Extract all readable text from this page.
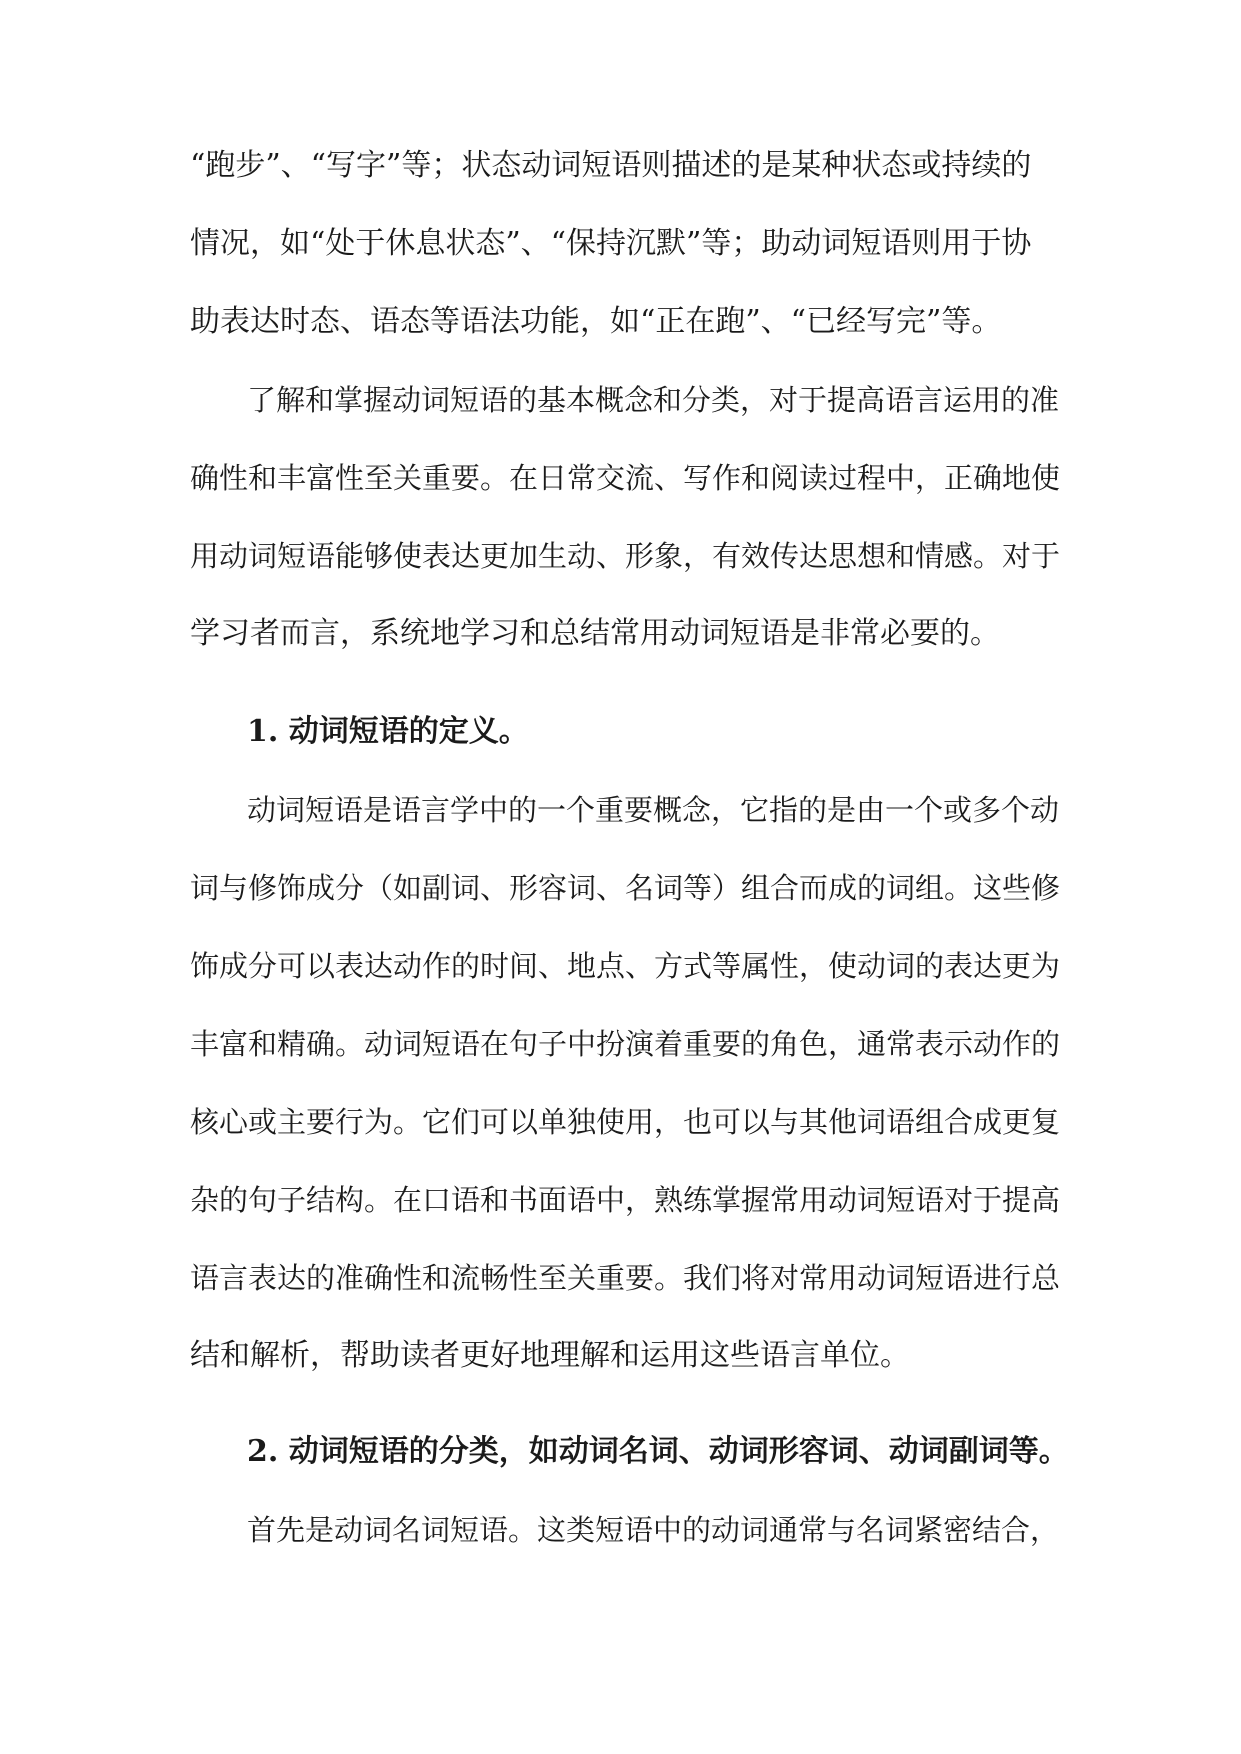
“跑步”、“写字”等；状态动词短语则描述的是某种状态或持续的
情况，如“处于休息状态”、“保持沉默”等；助动词短语则用于协
助表达时态、语态等语法功能，如“正在跑”、“已经写完”等。
了解和掌握动词短语的基本概念和分类，对于提高语言运用的准
确性和丰富性至关重要。在日常交流、写作和阅读过程中，正确地使
用动词短语能够使表达更加生动、形象，有效传达思想和情感。对于
学习者而言，系统地学习和总结常用动词短语是非常必要的。
1. 动词短语的定义。
动词短语是语言学中的一个重要概念，它指的是由一个或多个动
词与修饰成分（如副词、形容词、名词等）组合而成的词组。这些修
饰成分可以表达动作的时间、地点、方式等属性，使动词的表达更为
丰富和精确。动词短语在句子中扮演着重要的角色，通常表示动作的
核心或主要行为。它们可以单独使用，也可以与其他词语组合成更复
杂的句子结构。在口语和书面语中，熟练掌握常用动词短语对于提高
语言表达的准确性和流畅性至关重要。我们将对常用动词短语进行总
结和解析，帮助读者更好地理解和运用这些语言单位。
2. 动词短语的分类，如动词名词、动词形容词、动词副词等。
首先是动词名词短语。这类短语中的动词通常与名词紧密结合，
